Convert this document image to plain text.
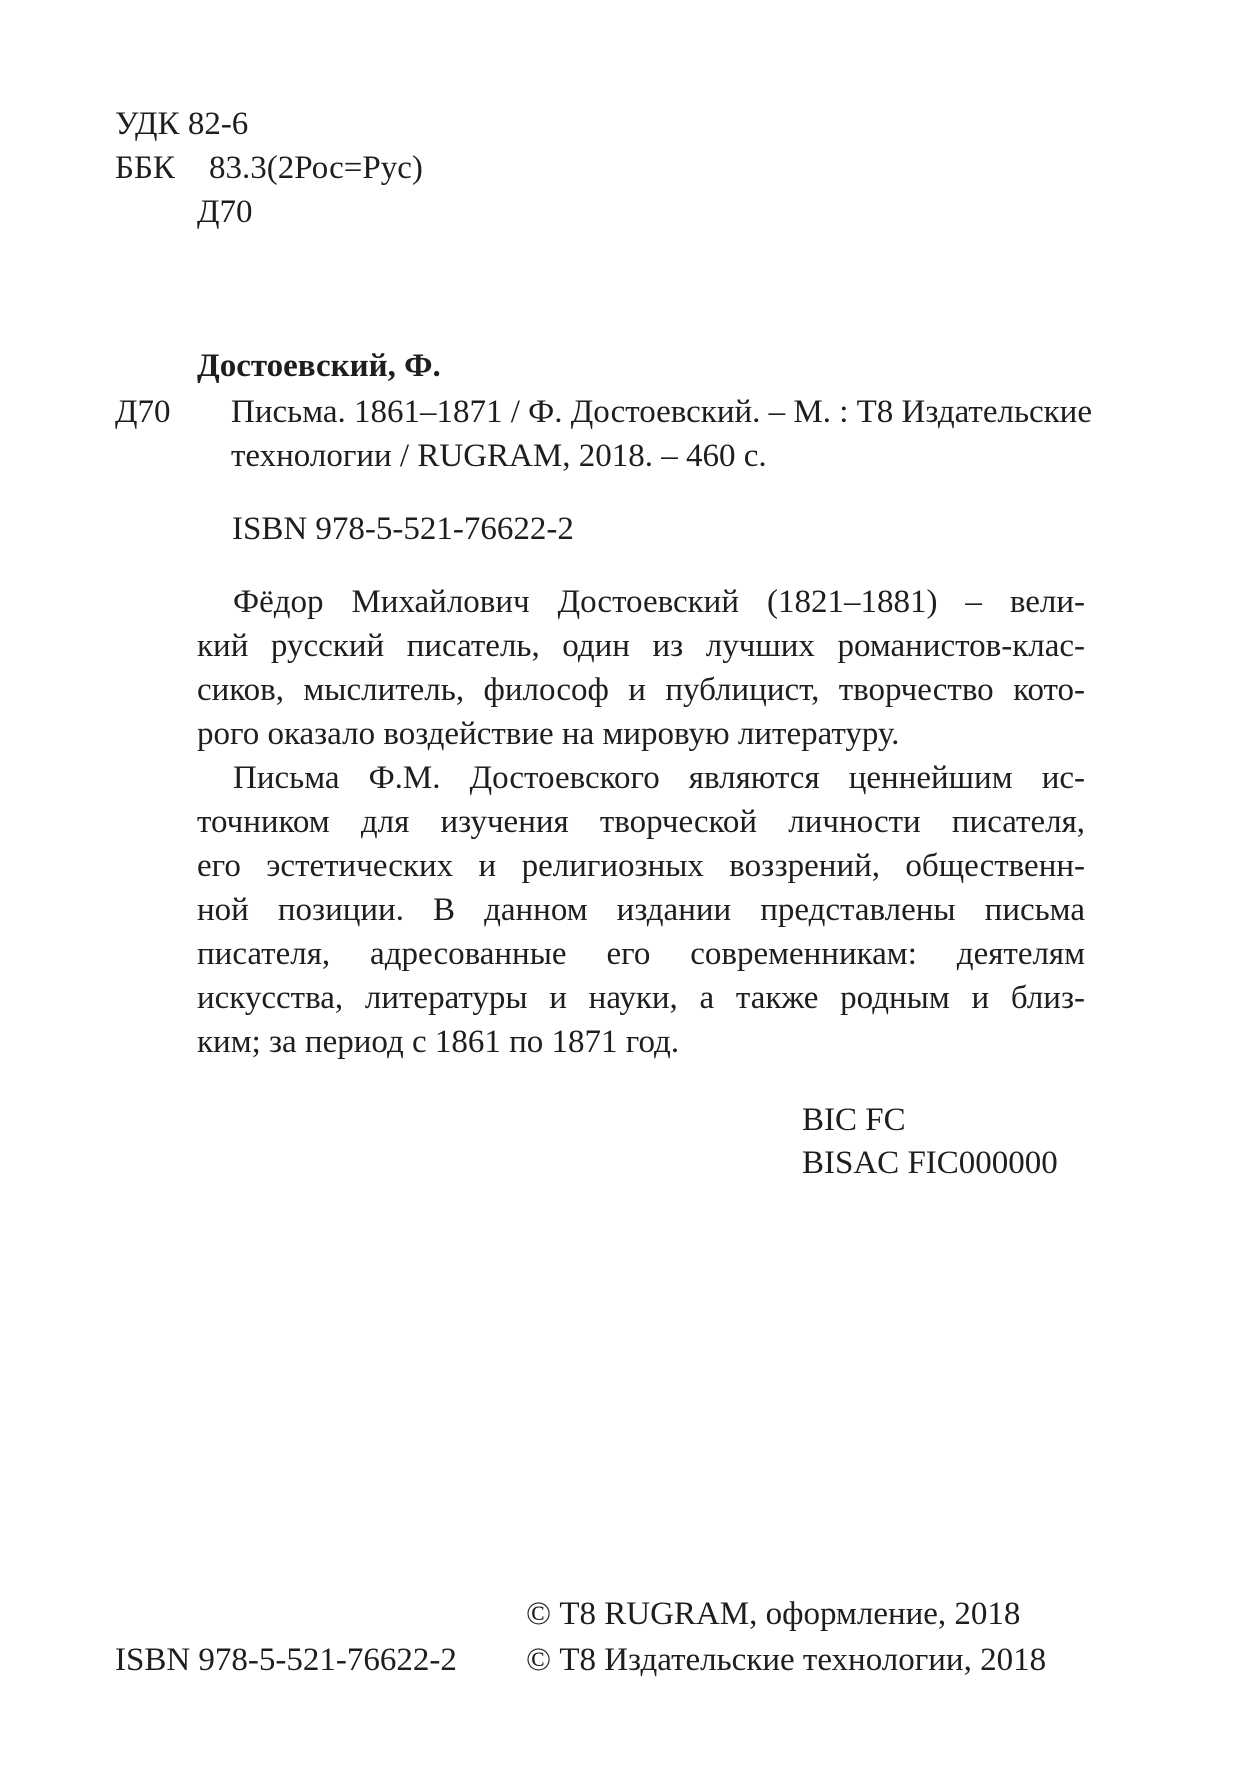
УДК
82-6
ББК	83.3(2Рос=Рус)
Д70
Достоевский, Ф.
Д70 Письма. 1861–1871 / Ф. Достоевский. – М. : Т8 Издательские
технологии / RUGRAM, 2018. – 460 с.
ISBN 978-5-521-76622-2
Фёдор Михайлович Достоевский (1821–1881) – вели-
кий русский писатель, один из лучших романистов-клас-
сиков, мыслитель, философ и публицист, творчество кото-
рого оказало воздействие на мировую литературу.
Письма Ф.М. Достоевского являются ценнейшим ис-
точником для изучения творческой личности писателя,
его эстетических и религиозных воззрений, общественн-
ной позиции. В данном издании представлены письма
писателя, адресованные его современникам: деятелям
искусства, литературы и науки, а также родным и близ-
ким; за период с 1861 по 1871 год.
BIC FC
BISAC FIC000000
© Т8 RUGRAM, оформление, 2018
ISBN 978-5-521-76622-2 © Т8 Издательские технологии, 2018
